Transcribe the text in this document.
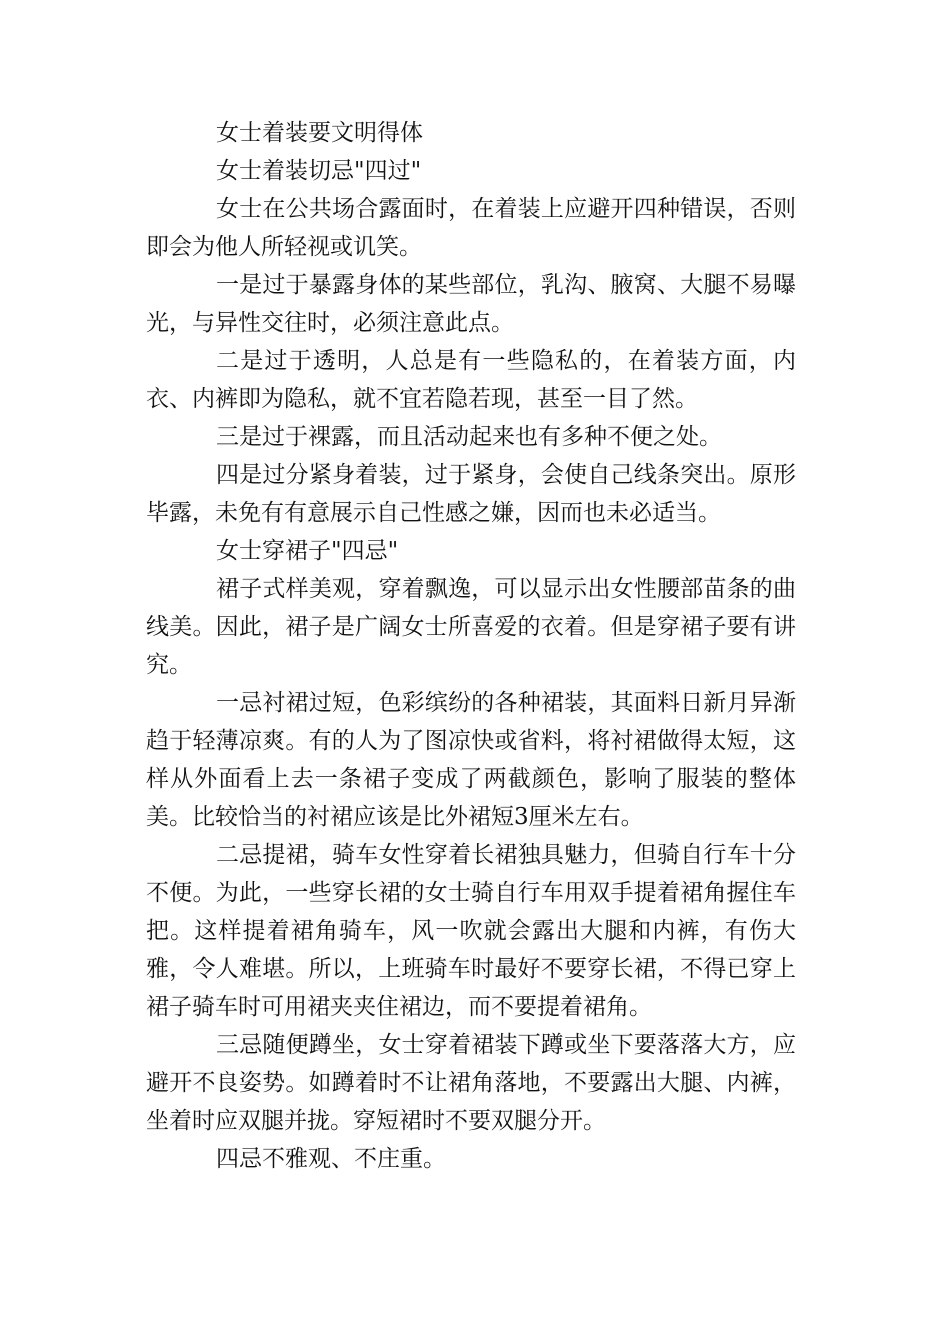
女士着装要文明得体

女士着装切忌"四过"

女士在公共场合露面时，在着装上应避开四种错误，否则即会为他人所轻视或讥笑。

一是过于暴露身体的某些部位，乳沟、腋窝、大腿不易曝光，与异性交往时，必须注意此点。

二是过于透明，人总是有一些隐私的，在着装方面，内衣、内裤即为隐私，就不宜若隐若现，甚至一目了然。

三是过于裸露，而且活动起来也有多种不便之处。

四是过分紧身着装，过于紧身，会使自己线条突出。原形毕露，未免有有意展示自己性感之嫌，因而也未必适当。

女士穿裙子"四忌"

裙子式样美观，穿着飘逸，可以显示出女性腰部苗条的曲线美。因此，裙子是广阔女士所喜爱的衣着。但是穿裙子要有讲究。

一忌衬裙过短，色彩缤纷的各种裙装，其面料日新月异渐趋于轻薄凉爽。有的人为了图凉快或省料，将衬裙做得太短，这样从外面看上去一条裙子变成了两截颜色，影响了服装的整体美。比较恰当的衬裙应该是比外裙短3厘米左右。

二忌提裙，骑车女性穿着长裙独具魅力，但骑自行车十分不便。为此，一些穿长裙的女士骑自行车用双手提着裙角握住车把。这样提着裙角骑车，风一吹就会露出大腿和内裤，有伤大雅，令人难堪。所以，上班骑车时最好不要穿长裙，不得已穿上裙子骑车时可用裙夹夹住裙边，而不要提着裙角。

三忌随便蹲坐，女士穿着裙装下蹲或坐下要落落大方，应避开不良姿势。如蹲着时不让裙角落地，不要露出大腿、内裤，坐着时应双腿并拢。穿短裙时不要双腿分开。

四忌不雅观、不庄重。
